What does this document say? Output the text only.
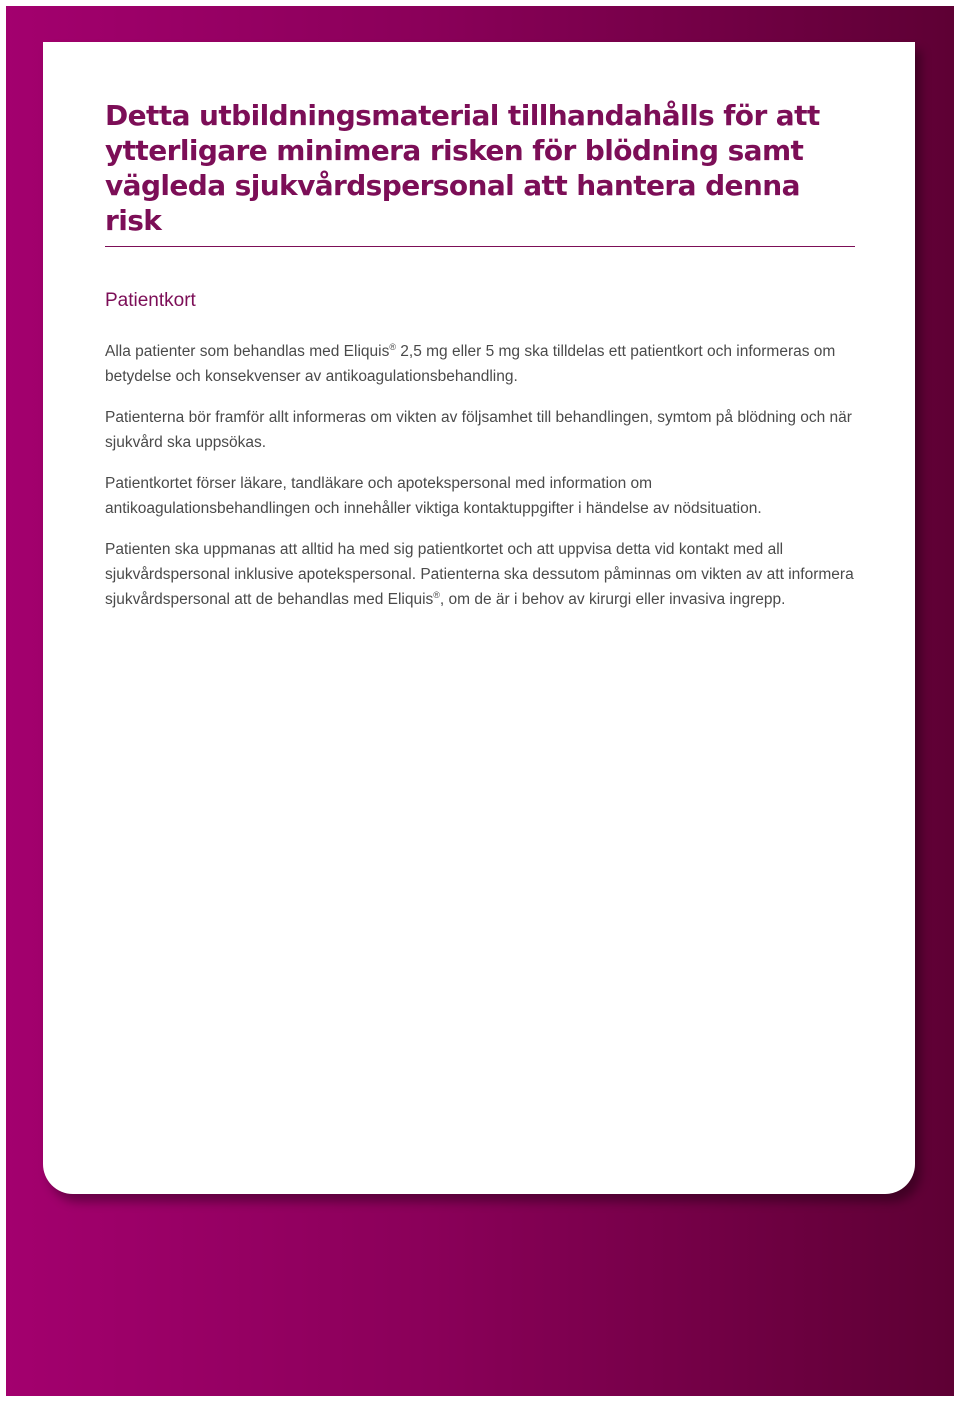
Detta utbildningsmaterial tillhandahålls för att ytterligare minimera risken för blödning samt vägleda sjukvårdspersonal att hantera denna risk
Patientkort

Alla patienter som behandlas med Eliquis® 2,5 mg eller 5 mg ska tilldelas ett patientkort och informeras om betydelse och konsekvenser av antikoagulationsbehandling.

Patienterna bör framför allt informeras om vikten av följsamhet till behandlingen, symtom på blödning och när sjukvård ska uppsökas.

Patientkortet förser läkare, tandläkare och apotekspersonal med information om antikoagulationsbehandlingen och innehåller viktiga kontaktuppgifter i händelse av nödsituation.

Patienten ska uppmanas att alltid ha med sig patientkortet och att uppvisa detta vid kontakt med all sjukvårdspersonal inklusive apotekspersonal. Patienterna ska dessutom påminnas om vikten av att informera sjukvårdspersonal att de behandlas med Eliquis®, om de är i behov av kirurgi eller invasiva ingrepp.
